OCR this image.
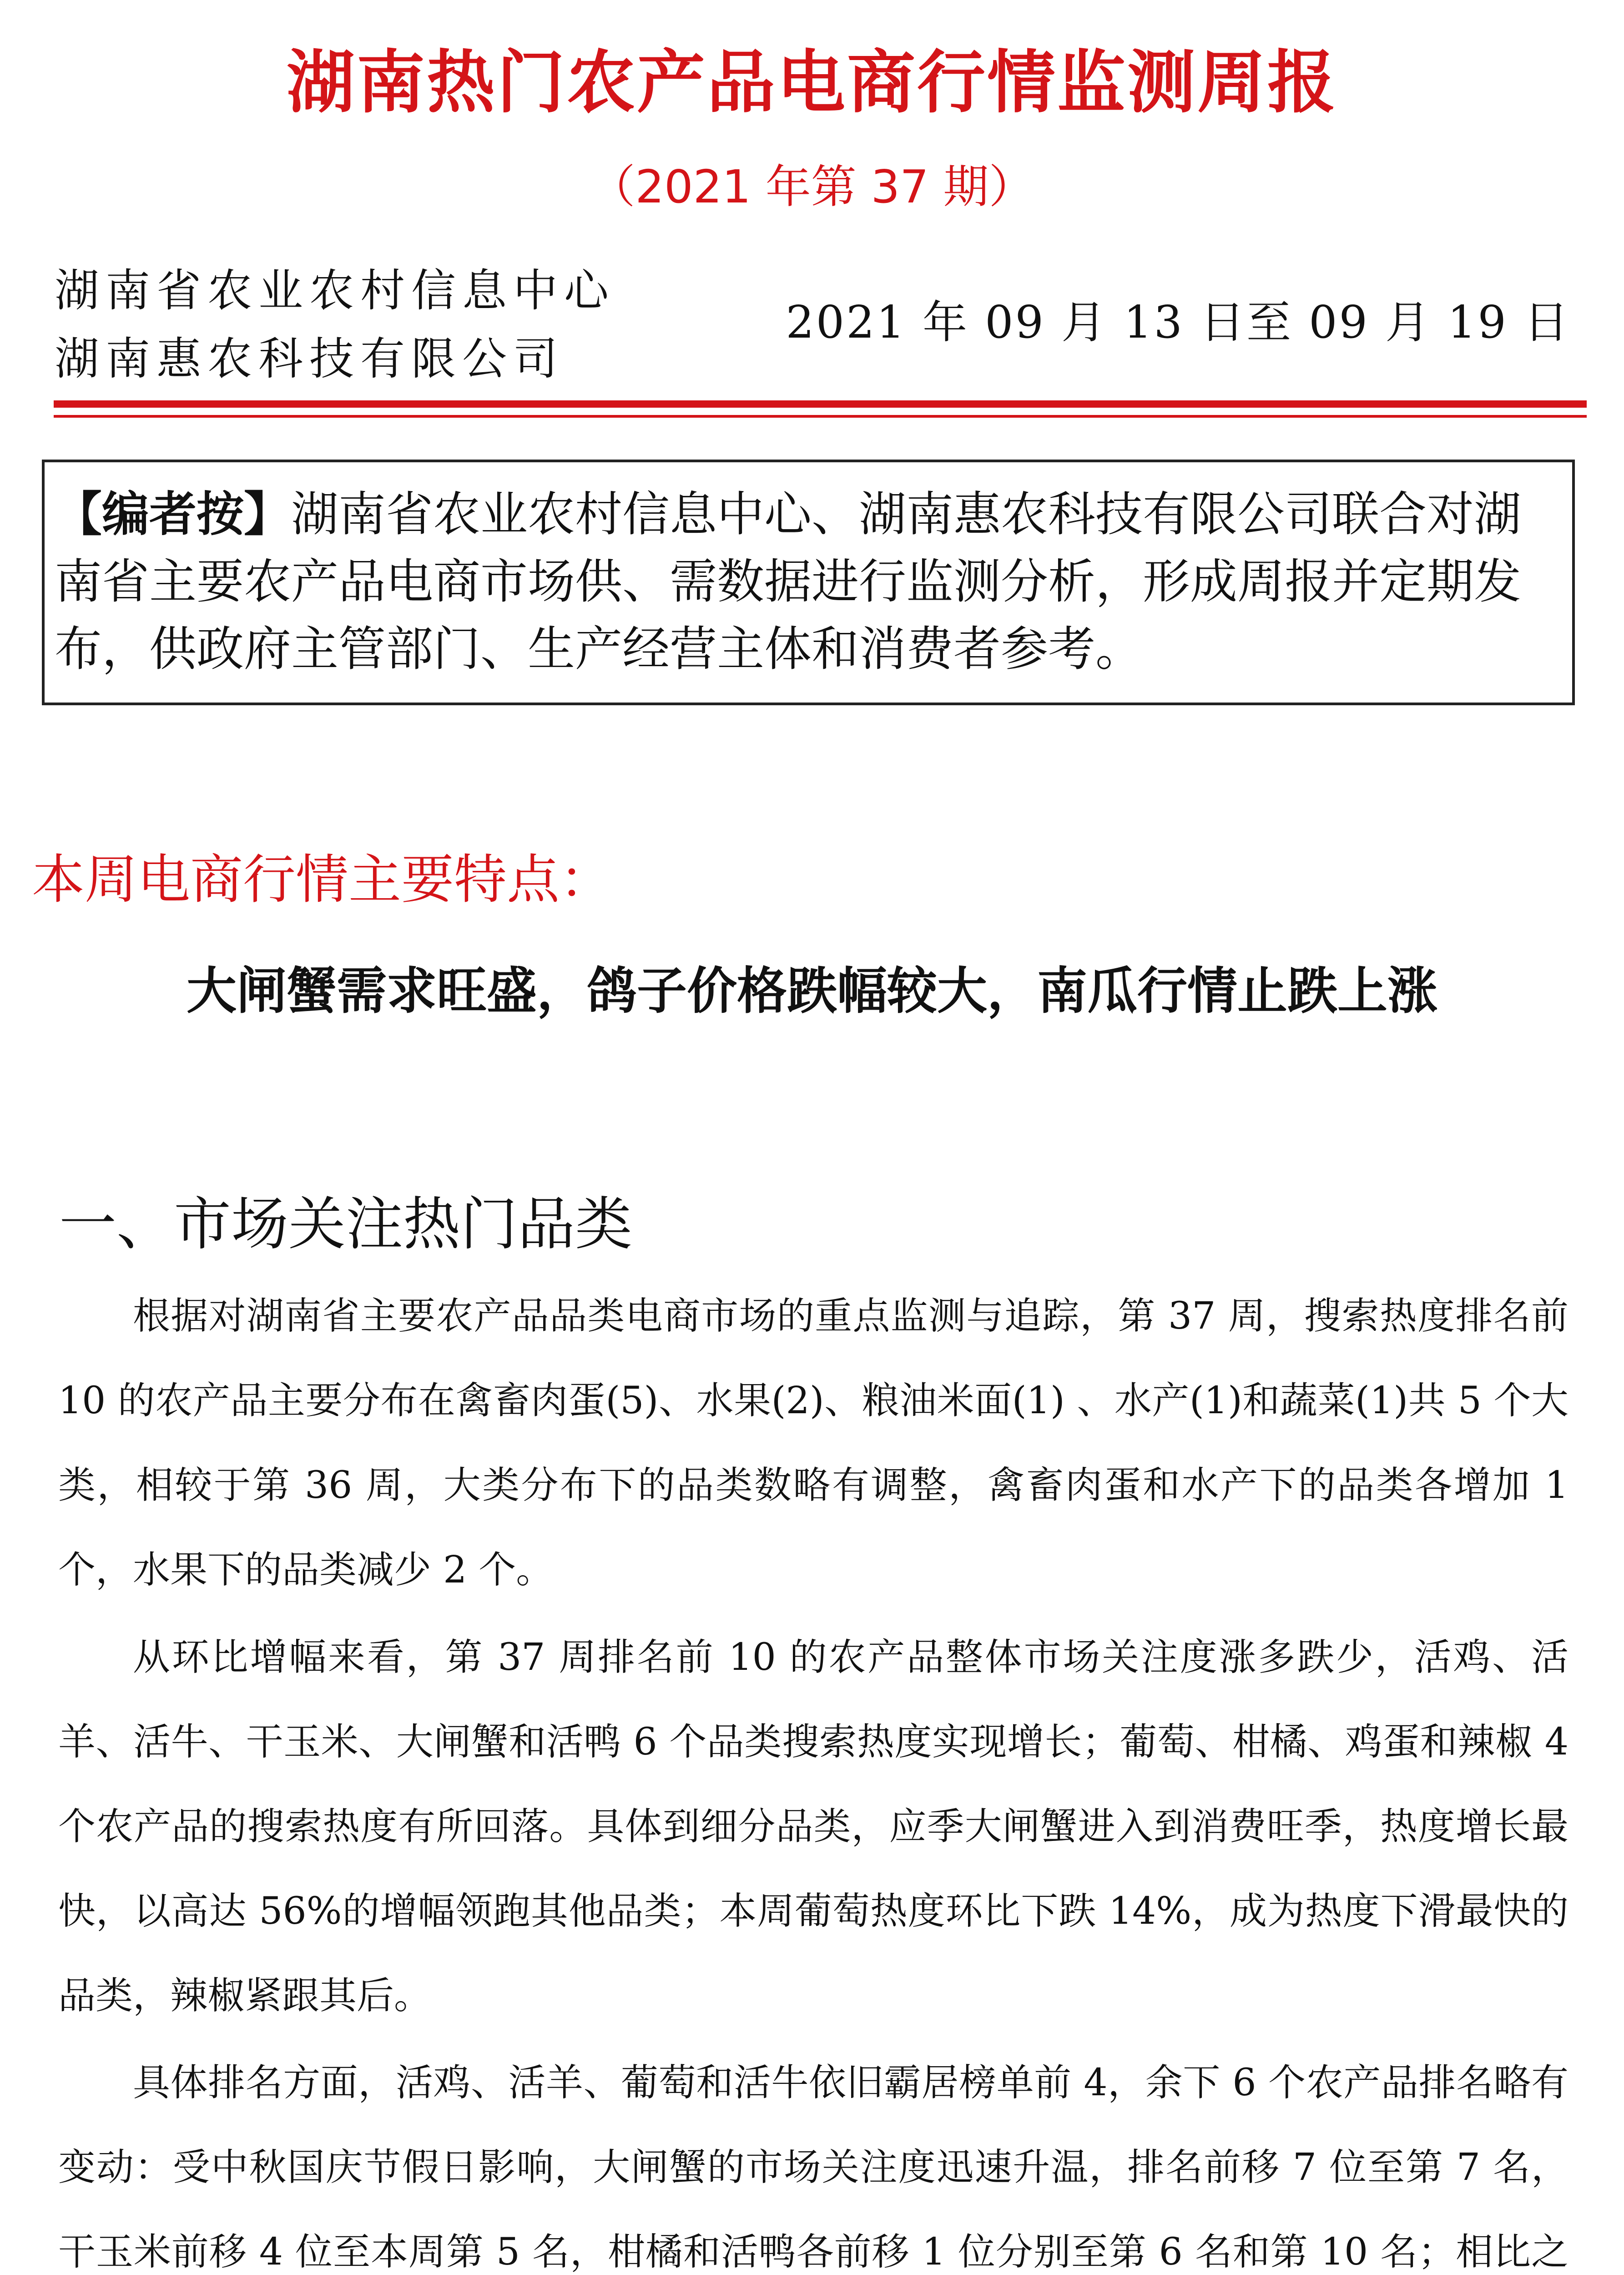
湖南热门农产品电商行情监测周报
（2021 年第 37 期）
湖南省农业农村信息中心
湖南惠农科技有限公司
2021 年 09 月 13 日至 09 月 19 日
【编者按】湖南省农业农村信息中心、湖南惠农科技有限公司联合对湖南省主要农产品电商市场供、需数据进行监测分析，形成周报并定期发布，供政府主管部门、生产经营主体和消费者参考。
本周电商行情主要特点：
大闸蟹需求旺盛，鸽子价格跌幅较大，南瓜行情止跌上涨
一、市场关注热门品类

根据对湖南省主要农产品品类电商市场的重点监测与追踪，第 37 周，搜索热度排名前 10 的农产品主要分布在禽畜肉蛋(5)、水果(2)、粮油米面(1) 、水产(1)和蔬菜(1)共 5 个大类，相较于第 36 周，大类分布下的品类数略有调整，禽畜肉蛋和水产下的品类各增加 1 个，水果下的品类减少 2 个。

从环比增幅来看，第 37 周排名前 10 的农产品整体市场关注度涨多跌少，活鸡、活羊、活牛、干玉米、大闸蟹和活鸭 6 个品类搜索热度实现增长；葡萄、柑橘、鸡蛋和辣椒 4 个农产品的搜索热度有所回落。具体到细分品类，应季大闸蟹进入到消费旺季，热度增长最快，以高达 56%的增幅领跑其他品类；本周葡萄热度环比下跌 14%，成为热度下滑最快的品类，辣椒紧跟其后。

具体排名方面，活鸡、活羊、葡萄和活牛依旧霸居榜单前 4，余下 6 个农产品排名略有变动：受中秋国庆节假日影响，大闸蟹的市场关注度迅速升温，排名前移 7 位至第 7 名，干玉米前移 4 位至本周第 5 名，柑橘和活鸭各前移 1 位分别至第 6 名和第 10 名；相比之
